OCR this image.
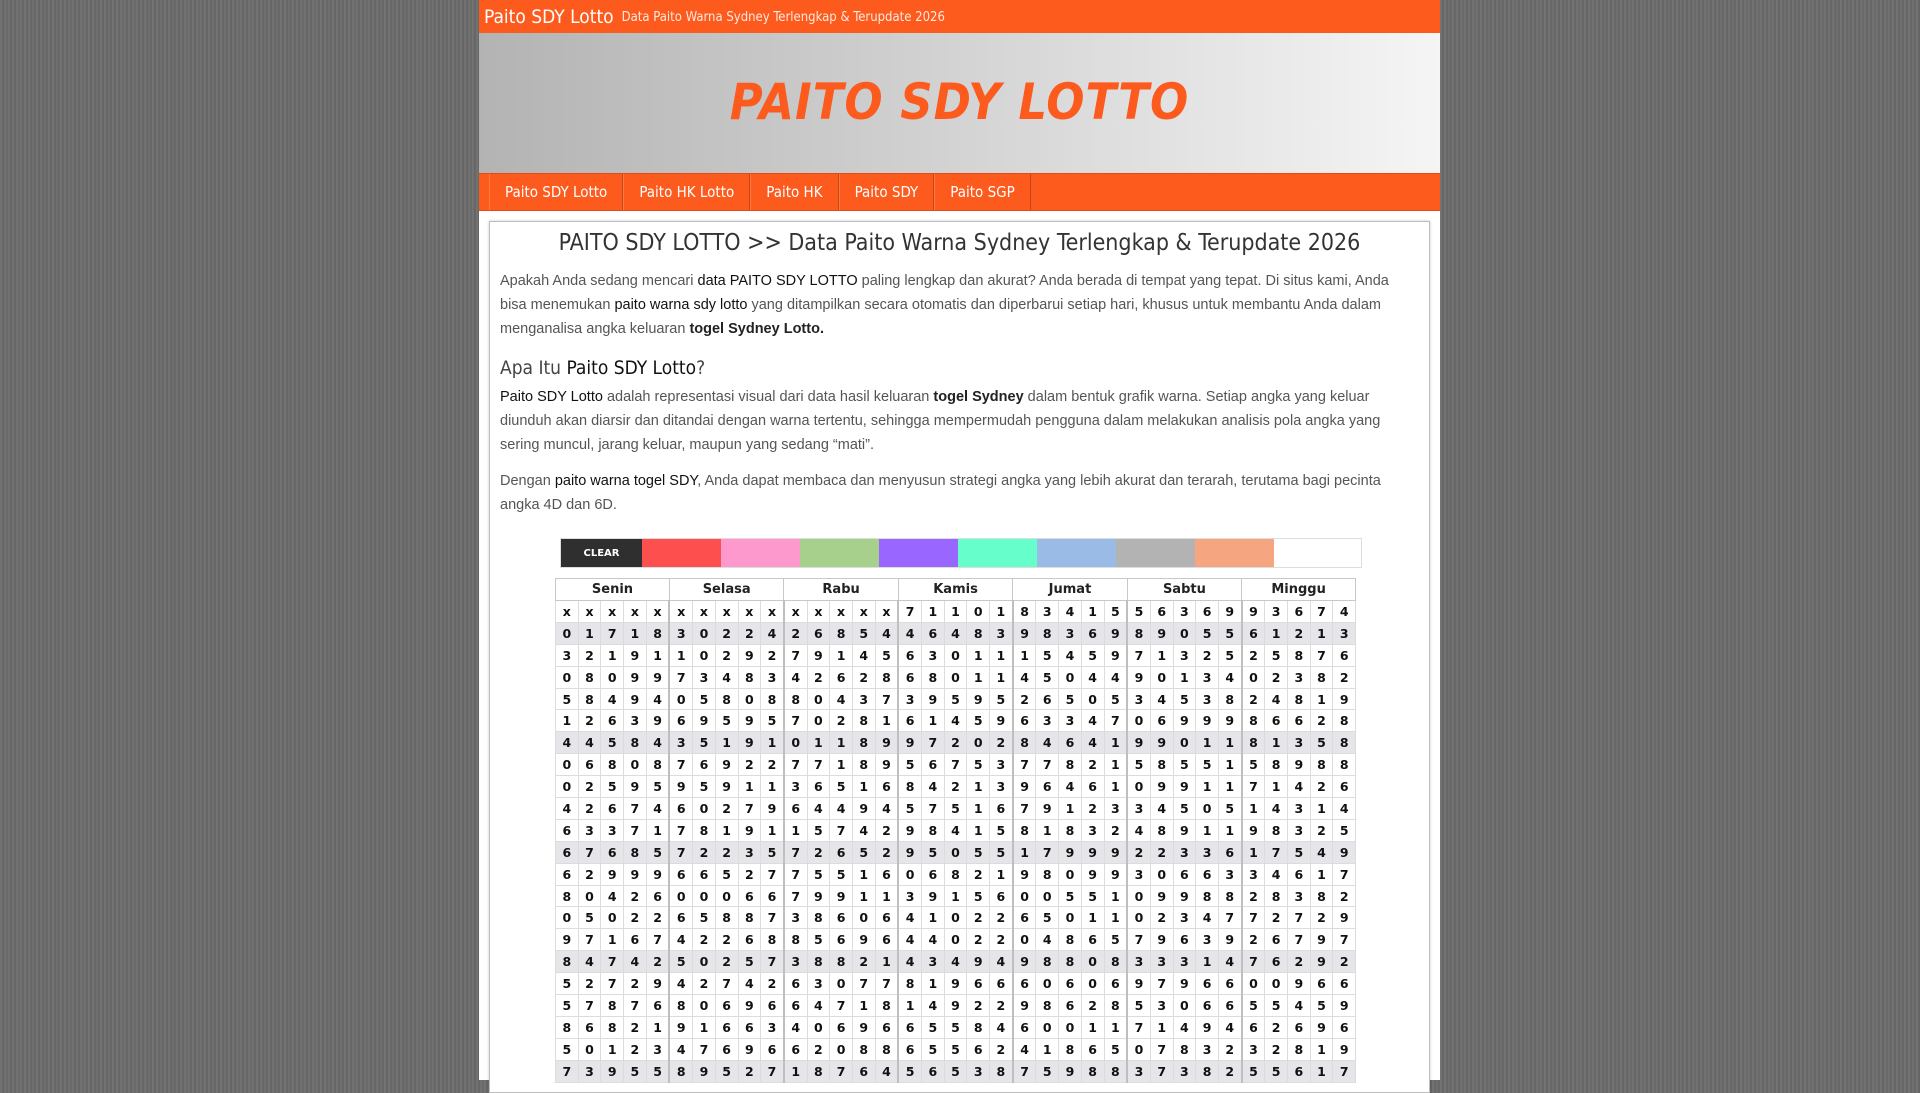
Paito SDY Lotto Data Paito Warna Sydney Terlengkap & Terupdate 2026
PAITO SDY LOTTO
Paito SDY Lotto	Paito HK Lotto	Paito HK	Paito SDY	Paito SGP
PAITO SDY LOTTO >> Data Paito Warna Sydney Terlengkap & Terupdate 2026

Apakah Anda sedang mencari data PAITO SDY LOTTO paling lengkap dan akurat? Anda berada di tempat yang tepat. Di situs kami, Anda bisa menemukan paito warna sdy lotto yang ditampilkan secara otomatis dan diperbarui setiap hari, khusus untuk membantu Anda dalam menganalisa angka keluaran togel Sydney Lotto.

Apa Itu Paito SDY Lotto?

Paito SDY Lotto adalah representasi visual dari data hasil keluaran togel Sydney dalam bentuk grafik warna. Setiap angka yang keluar diunduh akan diarsir dan ditandai dengan warna tertentu, sehingga mempermudah pengguna dalam melakukan analisis pola angka yang sering muncul, jarang keluar, maupun yang sedang “mati”.

Dengan paito warna togel SDY, Anda dapat membaca dan menyusun strategi angka yang lebih akurat dan terarah, terutama bagi pecinta angka 4D dan 6D.

CLEAR
Senin					Selasa					Rabu					Kamis					Jumat					Sabtu					Minggu				
x	x	x	x	x	x	x	x	x	x	x	x	x	x	x	7	1	1	0	1	8	3	4	1	5	5	6	3	6	9	9	3	6	7	4
0	1	7	1	8	3	0	2	2	4	2	6	8	5	4	4	6	4	8	3	9	8	3	6	9	8	9	0	5	5	6	1	2	1	3
3	2	1	9	1	1	0	2	9	2	7	9	1	4	5	6	3	0	1	1	1	5	4	5	9	7	1	3	2	5	2	5	8	7	6
0	8	0	9	9	7	3	4	8	3	4	2	6	2	8	6	8	0	1	1	4	5	0	4	4	9	0	1	3	4	0	2	3	8	2
5	8	4	9	4	0	5	8	0	8	8	0	4	3	7	3	9	5	9	5	2	6	5	0	5	3	4	5	3	8	2	4	8	1	9
1	2	6	3	9	6	9	5	9	5	7	0	2	8	1	6	1	4	5	9	6	3	3	4	7	0	6	9	9	9	8	6	6	2	8
4	4	5	8	4	3	5	1	9	1	0	1	1	8	9	9	7	2	0	2	8	4	6	4	1	9	9	0	1	1	8	1	3	5	8
0	6	8	0	8	7	6	9	2	2	7	7	1	8	9	5	6	7	5	3	7	7	8	2	1	5	8	5	5	1	5	8	9	8	8
0	2	5	9	5	9	5	9	1	1	3	6	5	1	6	8	4	2	1	3	9	6	4	6	1	0	9	9	1	1	7	1	4	2	6
4	2	6	7	4	6	0	2	7	9	6	4	4	9	4	5	7	5	1	6	7	9	1	2	3	3	4	5	0	5	1	4	3	1	4
6	3	3	7	1	7	8	1	9	1	1	5	7	4	2	9	8	4	1	5	8	1	8	3	2	4	8	9	1	1	9	8	3	2	5
6	7	6	8	5	7	2	2	3	5	7	2	6	5	2	9	5	0	5	5	1	7	9	9	9	2	2	3	3	6	1	7	5	4	9
6	2	9	9	9	6	6	5	2	7	7	5	5	1	6	0	6	8	2	1	9	8	0	9	9	3	0	6	6	3	3	4	6	1	7
8	0	4	2	6	0	0	0	6	6	7	9	9	1	1	3	9	1	5	6	0	0	5	5	1	0	9	9	8	8	2	8	3	8	2
0	5	0	2	2	6	5	8	8	7	3	8	6	0	6	4	1	0	2	2	6	5	0	1	1	0	2	3	4	7	7	2	7	2	9
9	7	1	6	7	4	2	2	6	8	8	5	6	9	6	4	4	0	2	2	0	4	8	6	5	7	9	6	3	9	2	6	7	9	7
8	4	7	4	2	5	0	2	5	7	3	8	8	2	1	4	3	4	9	4	9	8	8	0	8	3	3	3	1	4	7	6	2	9	2
5	2	7	2	9	4	2	7	4	2	6	3	0	7	7	8	1	9	6	6	6	0	6	0	6	9	7	9	6	6	0	0	9	6	6
5	7	8	7	6	8	0	6	9	6	6	4	7	1	8	1	4	9	2	2	9	8	6	2	8	5	3	0	6	6	5	5	4	5	9
8	6	8	2	1	9	1	6	6	3	4	0	6	9	6	6	5	5	8	4	6	0	0	1	1	7	1	4	9	4	6	2	6	9	6
5	0	1	2	3	4	7	6	9	6	6	2	0	8	8	6	5	5	6	2	4	1	8	6	5	0	7	8	3	2	3	2	8	1	9
7	3	9	5	5	8	9	5	2	7	1	8	7	6	4	5	6	5	3	8	7	5	9	8	8	3	7	3	8	2	5	5	6	1	7
